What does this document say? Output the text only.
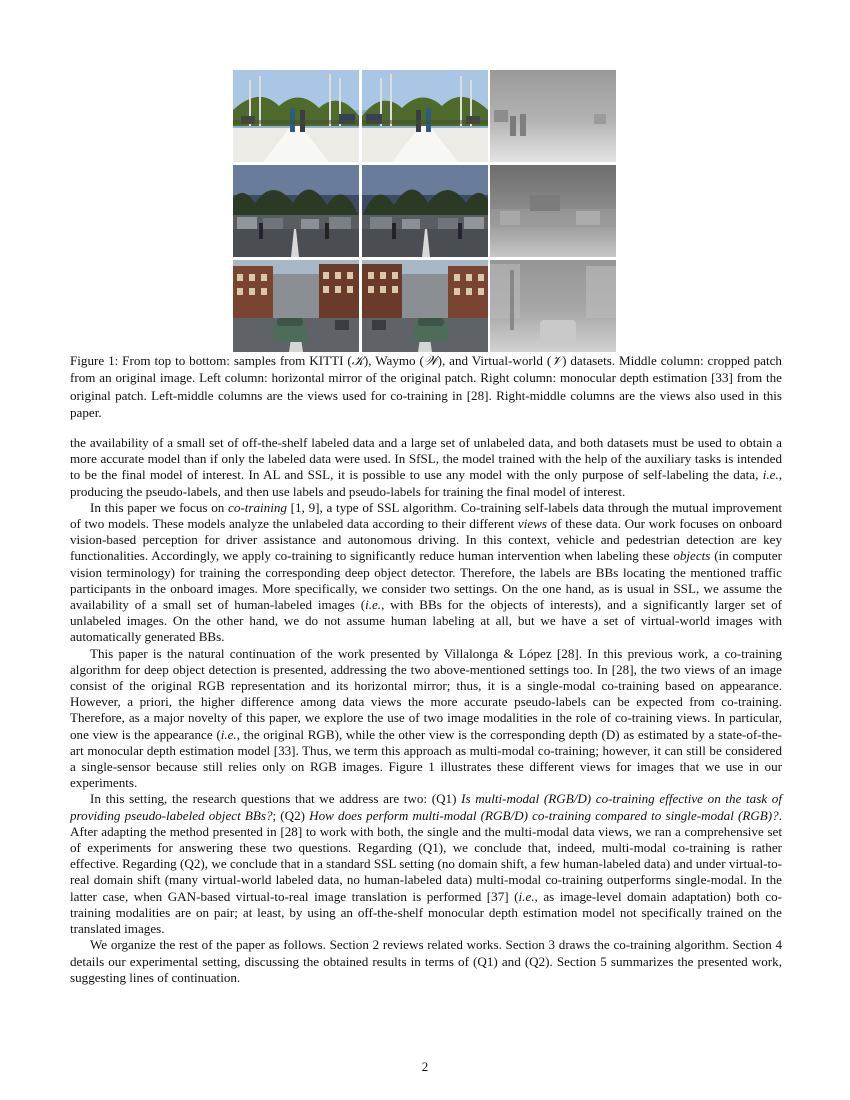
Figure 1: From top to bottom: samples from KITTI (𝒦), Waymo (𝒲), and Virtual-world (𝒱) datasets. Middle column: cropped patch from an original image. Left column: horizontal mirror of the original patch. Right column: monocular depth estimation [33] from the original patch. Left-middle columns are the views used for co-training in [28]. Right-middle columns are the views also used in this paper.

the availability of a small set of off-the-shelf labeled data and a large set of unlabeled data, and both datasets must be used to obtain a more accurate model than if only the labeled data were used. In SfSL, the model trained with the help of the auxiliary tasks is intended to be the final model of interest. In AL and SSL, it is possible to use any model with the only purpose of self-labeling the data, i.e., producing the pseudo-labels, and then use labels and pseudo-labels for training the final model of interest.

In this paper we focus on co-training [1, 9], a type of SSL algorithm. Co-training self-labels data through the mutual improvement of two models. These models analyze the unlabeled data according to their different views of these data. Our work focuses on onboard vision-based perception for driver assistance and autonomous driving. In this context, vehicle and pedestrian detection are key functionalities. Accordingly, we apply co-training to significantly reduce human intervention when labeling these objects (in computer vision terminology) for training the corresponding deep object detector. Therefore, the labels are BBs locating the mentioned traffic participants in the onboard images. More specifically, we consider two settings. On the one hand, as is usual in SSL, we assume the availability of a small set of human-labeled images (i.e., with BBs for the objects of interests), and a significantly larger set of unlabeled images. On the other hand, we do not assume human labeling at all, but we have a set of virtual-world images with automatically generated BBs.

This paper is the natural continuation of the work presented by Villalonga & López [28]. In this previous work, a co-training algorithm for deep object detection is presented, addressing the two above-mentioned settings too. In [28], the two views of an image consist of the original RGB representation and its horizontal mirror; thus, it is a single-modal co-training based on appearance. However, a priori, the higher difference among data views the more accurate pseudo-labels can be expected from co-training. Therefore, as a major novelty of this paper, we explore the use of two image modalities in the role of co-training views. In particular, one view is the appearance (i.e., the original RGB), while the other view is the corresponding depth (D) as estimated by a state-of-the-art monocular depth estimation model [33]. Thus, we term this approach as multi-modal co-training; however, it can still be considered a single-sensor because still relies only on RGB images. Figure 1 illustrates these different views for images that we use in our experiments.

In this setting, the research questions that we address are two: (Q1) Is multi-modal (RGB/D) co-training effective on the task of providing pseudo-labeled object BBs?; (Q2) How does perform multi-modal (RGB/D) co-training compared to single-modal (RGB)?. After adapting the method presented in [28] to work with both, the single and the multi-modal data views, we ran a comprehensive set of experiments for answering these two questions. Regarding (Q1), we conclude that, indeed, multi-modal co-training is rather effective. Regarding (Q2), we conclude that in a standard SSL setting (no domain shift, a few human-labeled data) and under virtual-to-real domain shift (many virtual-world labeled data, no human-labeled data) multi-modal co-training outperforms single-modal. In the latter case, when GAN-based virtual-to-real image translation is performed [37] (i.e., as image-level domain adaptation) both co-training modalities are on pair; at least, by using an off-the-shelf monocular depth estimation model not specifically trained on the translated images.

We organize the rest of the paper as follows. Section 2 reviews related works. Section 3 draws the co-training algorithm. Section 4 details our experimental setting, discussing the obtained results in terms of (Q1) and (Q2). Section 5 summarizes the presented work, suggesting lines of continuation.

2
